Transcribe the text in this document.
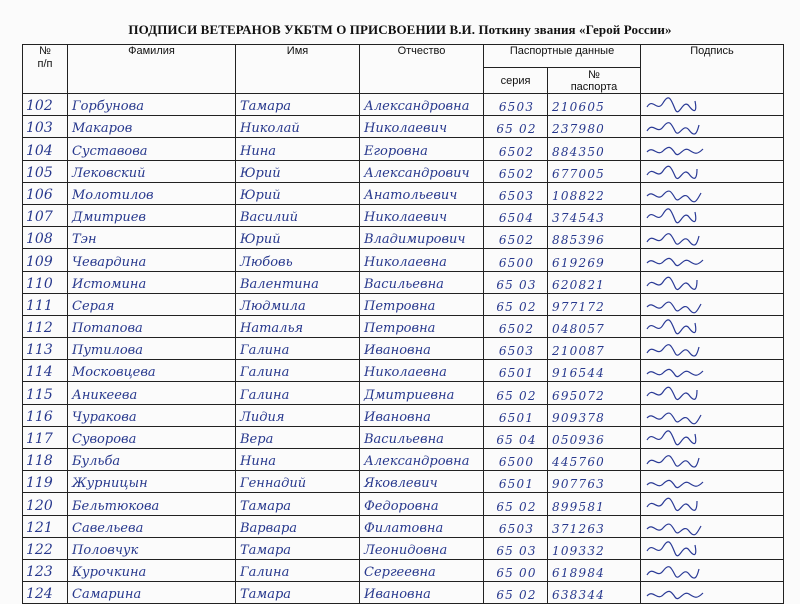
ПОДПИСИ ВЕТЕРАНОВ УКБТМ О ПРИСВОЕНИИ В.И. Поткину звания «Герой России»
№
п/п	Фамилия	Имя	Отчество	Паспортные данные		Подпись
				серия	№
паспорта	
102	Горбунова	Тамара	Александровна	6503	210605	

103	Макаров	Николай	Николаевич	65 02	237980	

104	Суставова	Нина	Егоровна	6502	884350	

105	Лековский	Юрий	Александрович	6502	677005	

106	Молотилов	Юрий	Анатольевич	6503	108822	

107	Дмитриев	Василий	Николаевич	6504	374543	

108	Тэн	Юрий	Владимирович	6502	885396	

109	Чевардина	Любовь	Николаевна	6500	619269	

110	Истомина	Валентина	Васильевна	65 03	620821	

111	Серая	Людмила	Петровна	65 02	977172	

112	Потапова	Наталья	Петровна	6502	048057	

113	Путилова	Галина	Ивановна	6503	210087	

114	Московцева	Галина	Николаевна	6501	916544	

115	Аникеева	Галина	Дмитриевна	65 02	695072	

116	Чуракова	Лидия	Ивановна	6501	909378	

117	Суворова	Вера	Васильевна	65 04	050936	

118	Бульба	Нина	Александровна	6500	445760	

119	Журницын	Геннадий	Яковлевич	6501	907763	

120	Бельтюкова	Тамара	Федоровна	65 02	899581	

121	Савельева	Варвара	Филатовна	6503	371263	

122	Половчук	Тамара	Леонидовна	65 03	109332	

123	Курочкина	Галина	Сергеевна	65 00	618984	

124	Самарина	Тамара	Ивановна	65 02	638344	
